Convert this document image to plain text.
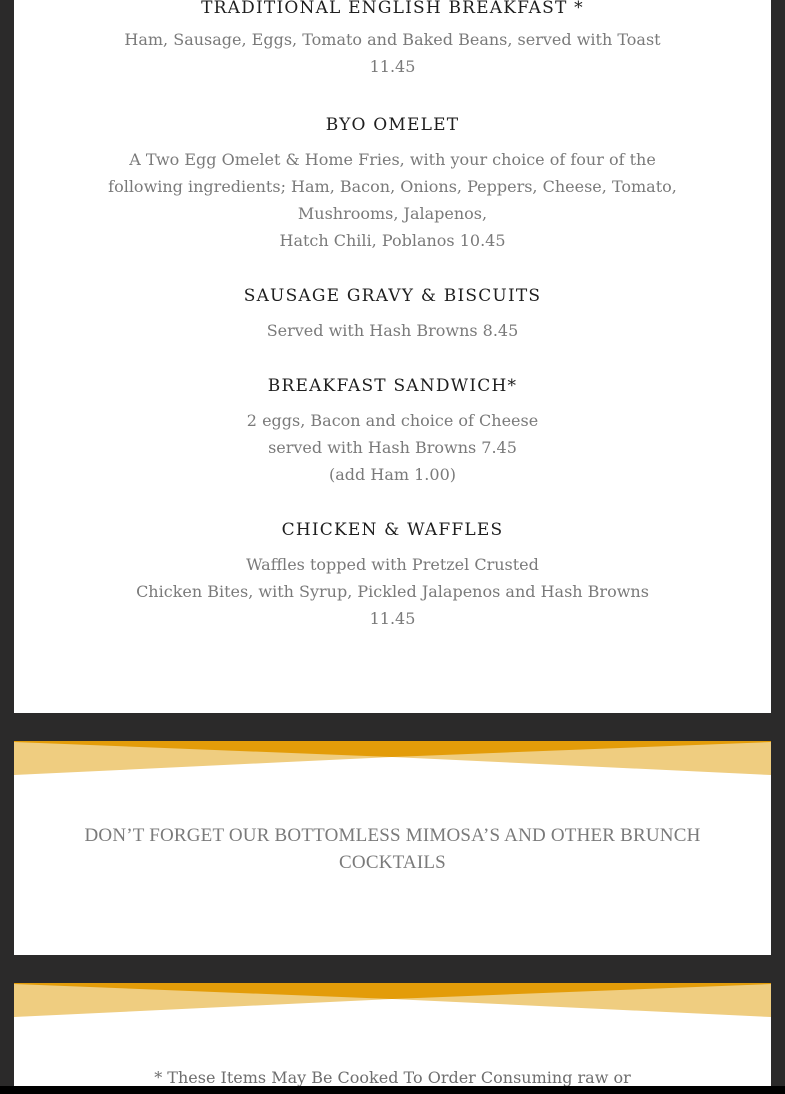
TRADITIONAL ENGLISH BREAKFAST *

Ham, Sausage, Eggs, Tomato and Baked Beans, served with Toast
11.45

BYO OMELET

A Two Egg Omelet & Home Fries, with your choice of four of the
following ingredients; Ham, Bacon, Onions, Peppers, Cheese, Tomato,
Mushrooms, Jalapenos,
Hatch Chili, Poblanos 10.45

SAUSAGE GRAVY & BISCUITS

Served with Hash Browns 8.45

BREAKFAST SANDWICH*

2 eggs, Bacon and choice of Cheese
served with Hash Browns 7.45
(add Ham 1.00)

CHICKEN & WAFFLES

Waffles topped with Pretzel Crusted
Chicken Bites, with Syrup, Pickled Jalapenos and Hash Browns
11.45

DON’T FORGET OUR BOTTOMLESS MIMOSA’S AND OTHER BRUNCH
COCKTAILS
* These Items May Be Cooked To Order Consuming raw or
